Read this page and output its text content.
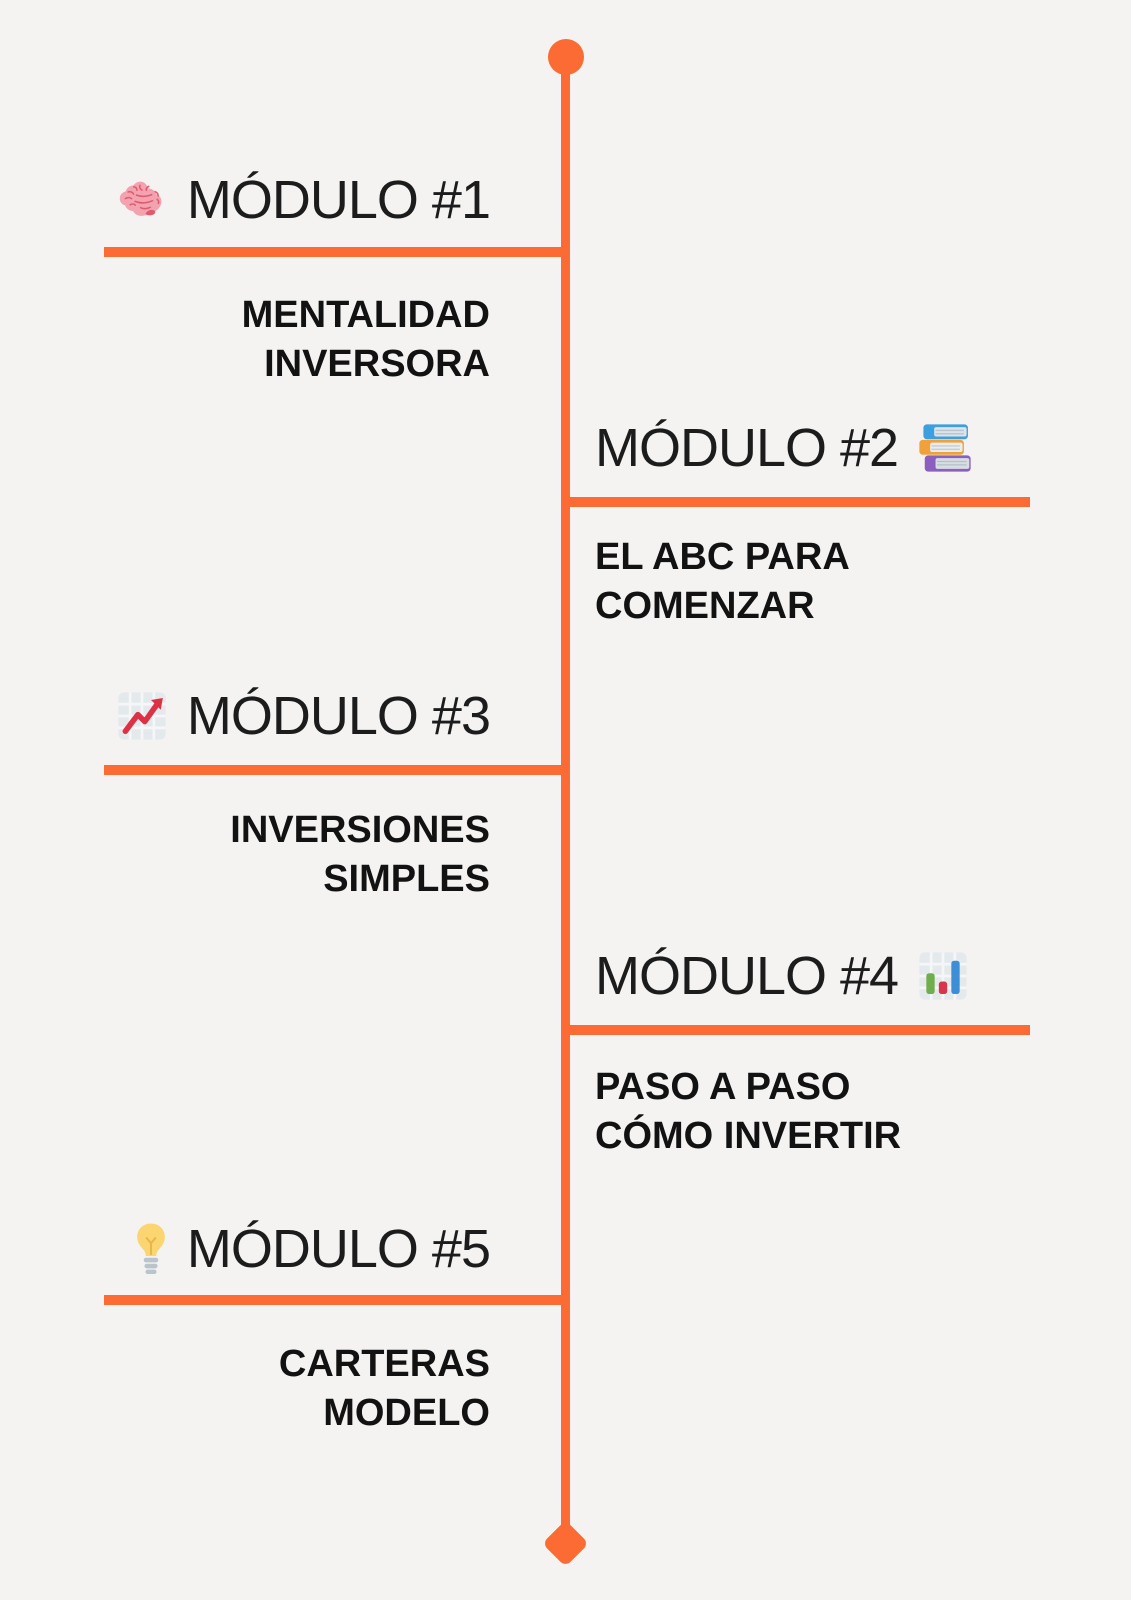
MÓDULO #1
MENTALIDAD
INVERSORA
MÓDULO #2
EL ABC PARA
COMENZAR
MÓDULO #3
INVERSIONES
SIMPLES
MÓDULO #4
PASO A PASO
CÓMO INVERTIR
MÓDULO #5
CARTERAS
MODELO
